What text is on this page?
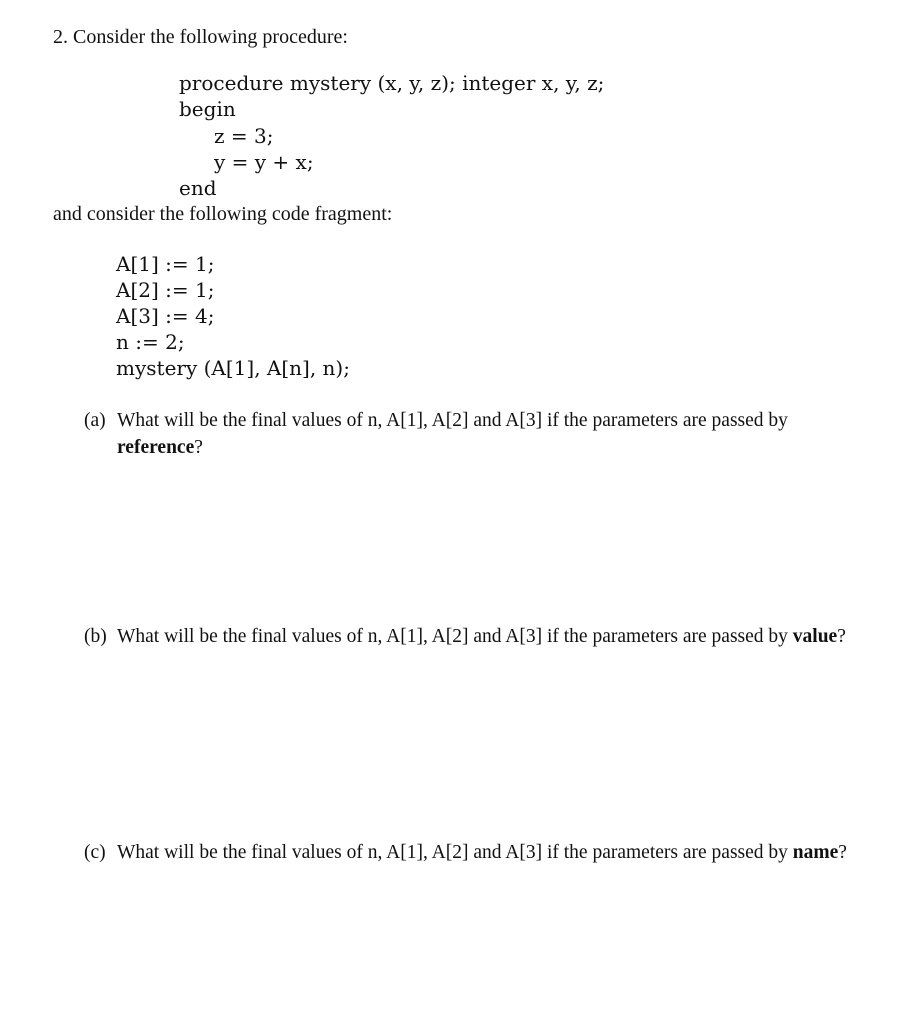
2. Consider the following procedure:
procedure mystery (x, y, z); integer x, y, z;
begin
z = 3;
y = y + x;
end
and consider the following code fragment:
A[1] := 1;
A[2] := 1;
A[3] := 4;
n := 2;
mystery (A[1], A[n], n);
(a) What will be the final values of n, A[1], A[2] and A[3] if the parameters are passed by reference?
(b) What will be the final values of n, A[1], A[2] and A[3] if the parameters are passed by value?
(c) What will be the final values of n, A[1], A[2] and A[3] if the parameters are passed by name?
